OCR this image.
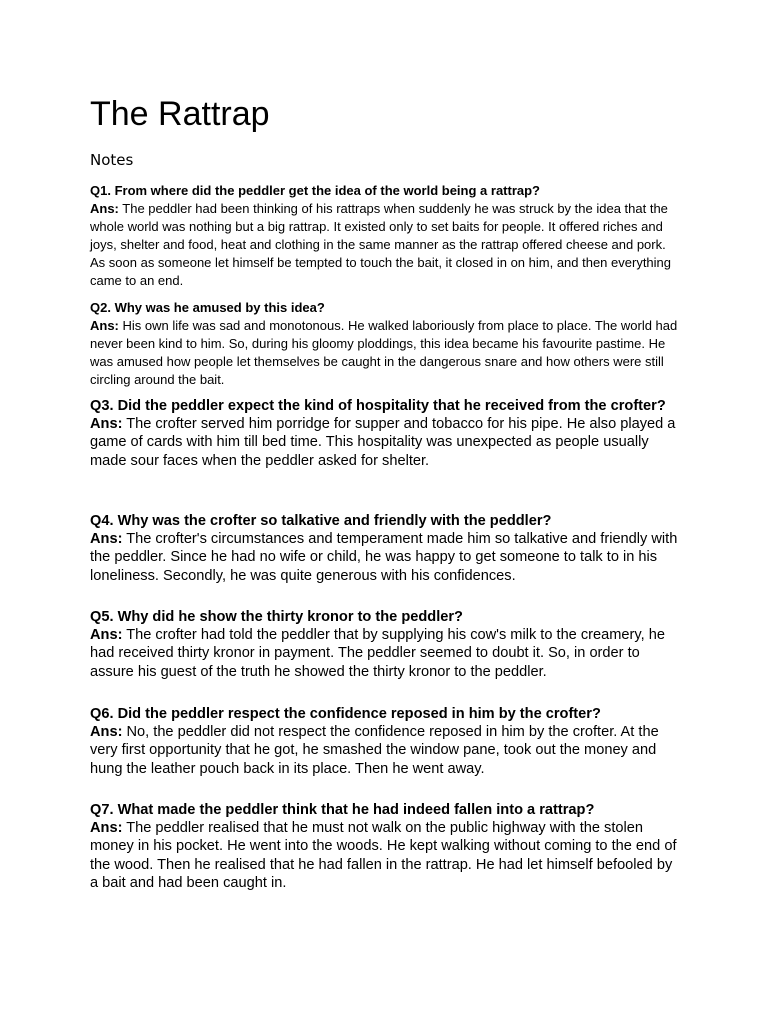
The Rattrap
Notes

Q1. From where did the peddler get the idea of the world being a rattrap?

Ans: The peddler had been thinking of his rattraps when suddenly he was struck by the idea that the whole world was nothing but a big rattrap. It existed only to set baits for people. It offered riches and joys, shelter and food, heat and clothing in the same manner as the rattrap offered cheese and pork. As soon as someone let himself be tempted to touch the bait, it closed in on him, and then everything came to an end.

Q2. Why was he amused by this idea?

Ans: His own life was sad and monotonous. He walked laboriously from place to place. The world had never been kind to him. So, during his gloomy ploddings, this idea became his favourite pastime. He was amused how people let themselves be caught in the dangerous snare and how others were still circling around the bait.

Q3. Did the peddler expect the kind of hospitality that he received from the crofter?

Ans: The crofter served him porridge for supper and tobacco for his pipe. He also played a game of cards with him till bed time. This hospitality was unexpected as people usually made sour faces when the peddler asked for shelter.

Q4. Why was the crofter so talkative and friendly with the peddler?

Ans: The crofter's circumstances and temperament made him so talkative and friendly with the peddler. Since he had no wife or child, he was happy to get someone to talk to in his loneliness. Secondly, he was quite generous with his confidences.

Q5. Why did he show the thirty kronor to the peddler?

Ans: The crofter had told the peddler that by supplying his cow's milk to the creamery, he had received thirty kronor in payment. The peddler seemed to doubt it. So, in order to assure his guest of the truth he showed the thirty kronor to the peddler.

Q6. Did the peddler respect the confidence reposed in him by the crofter?

Ans: No, the peddler did not respect the confidence reposed in him by the crofter. At the very first opportunity that he got, he smashed the window pane, took out the money and hung the leather pouch back in its place. Then he went away.

Q7. What made the peddler think that he had indeed fallen into a rattrap?

Ans: The peddler realised that he must not walk on the public highway with the stolen money in his pocket. He went into the woods. He kept walking without coming to the end of the wood. Then he realised that he had fallen in the rattrap. He had let himself befooled by a bait and had been caught in.
